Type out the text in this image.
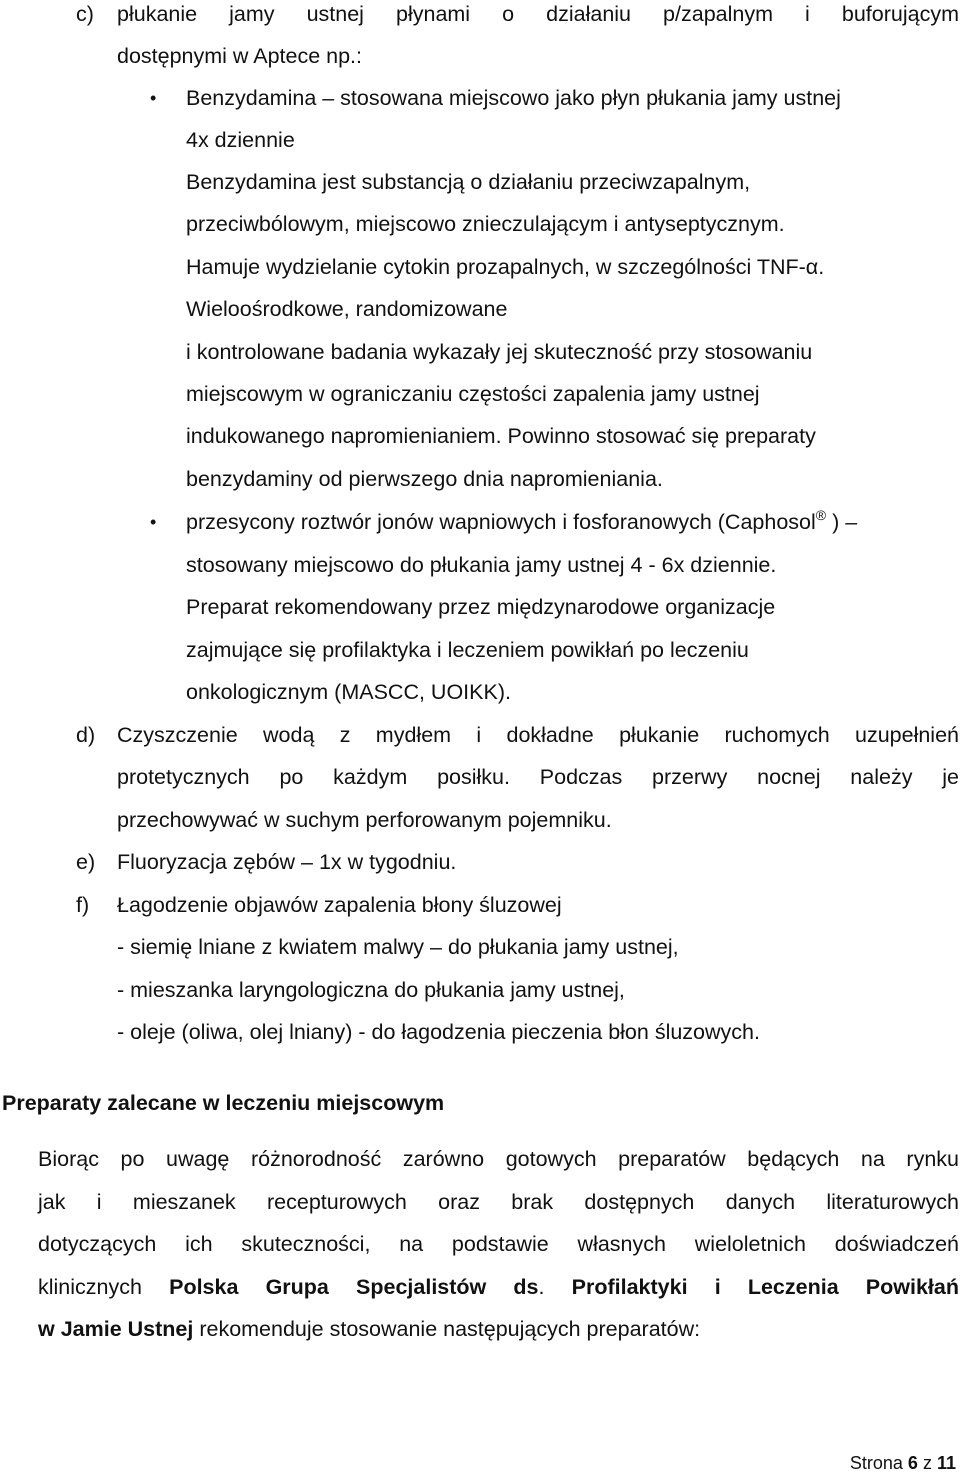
c) płukanie jamy ustnej płynami o działaniu p/zapalnym i buforującym
dostępnymi w Aptece np.:
• Benzydamina – stosowana miejscowo jako płyn płukania jamy ustnej
4x dziennie
Benzydamina jest substancją o działaniu przeciwzapalnym,
przeciwbólowym, miejscowo znieczulającym i antyseptycznym.
Hamuje wydzielanie cytokin prozapalnych, w szczególności TNF-α.
Wieloośrodkowe, randomizowane
i kontrolowane badania wykazały jej skuteczność przy stosowaniu
miejscowym w ograniczaniu częstości zapalenia jamy ustnej
indukowanego napromienianiem. Powinno stosować się preparaty
benzydaminy od pierwszego dnia napromieniania.
• przesycony roztwór jonów wapniowych i fosforanowych (Caphosol® ) –
stosowany miejscowo do płukania jamy ustnej 4 - 6x dziennie.
Preparat rekomendowany przez międzynarodowe organizacje
zajmujące się profilaktyka i leczeniem powikłań po leczeniu
onkologicznym (MASCC, UOIKK).
d) Czyszczenie wodą z mydłem i dokładne płukanie ruchomych uzupełnień
protetycznych po każdym posiłku. Podczas przerwy nocnej należy je
przechowywać w suchym perforowanym pojemniku.
e) Fluoryzacja zębów – 1x w tygodniu.
f) Łagodzenie objawów zapalenia błony śluzowej
- siemię lniane z kwiatem malwy – do płukania jamy ustnej,
- mieszanka laryngologiczna do płukania jamy ustnej,
- oleje (oliwa, olej lniany) - do łagodzenia pieczenia błon śluzowych.
Preparaty zalecane w leczeniu miejscowym
Biorąc po uwagę różnorodność zarówno gotowych preparatów będących na rynku
jak i mieszanek recepturowych oraz brak dostępnych danych literaturowych
dotyczących ich skuteczności, na podstawie własnych wieloletnich doświadczeń
klinicznych Polska Grupa Specjalistów ds. Profilaktyki i Leczenia Powikłań
w Jamie Ustnej rekomenduje stosowanie następujących preparatów:
Strona 6 z 11
